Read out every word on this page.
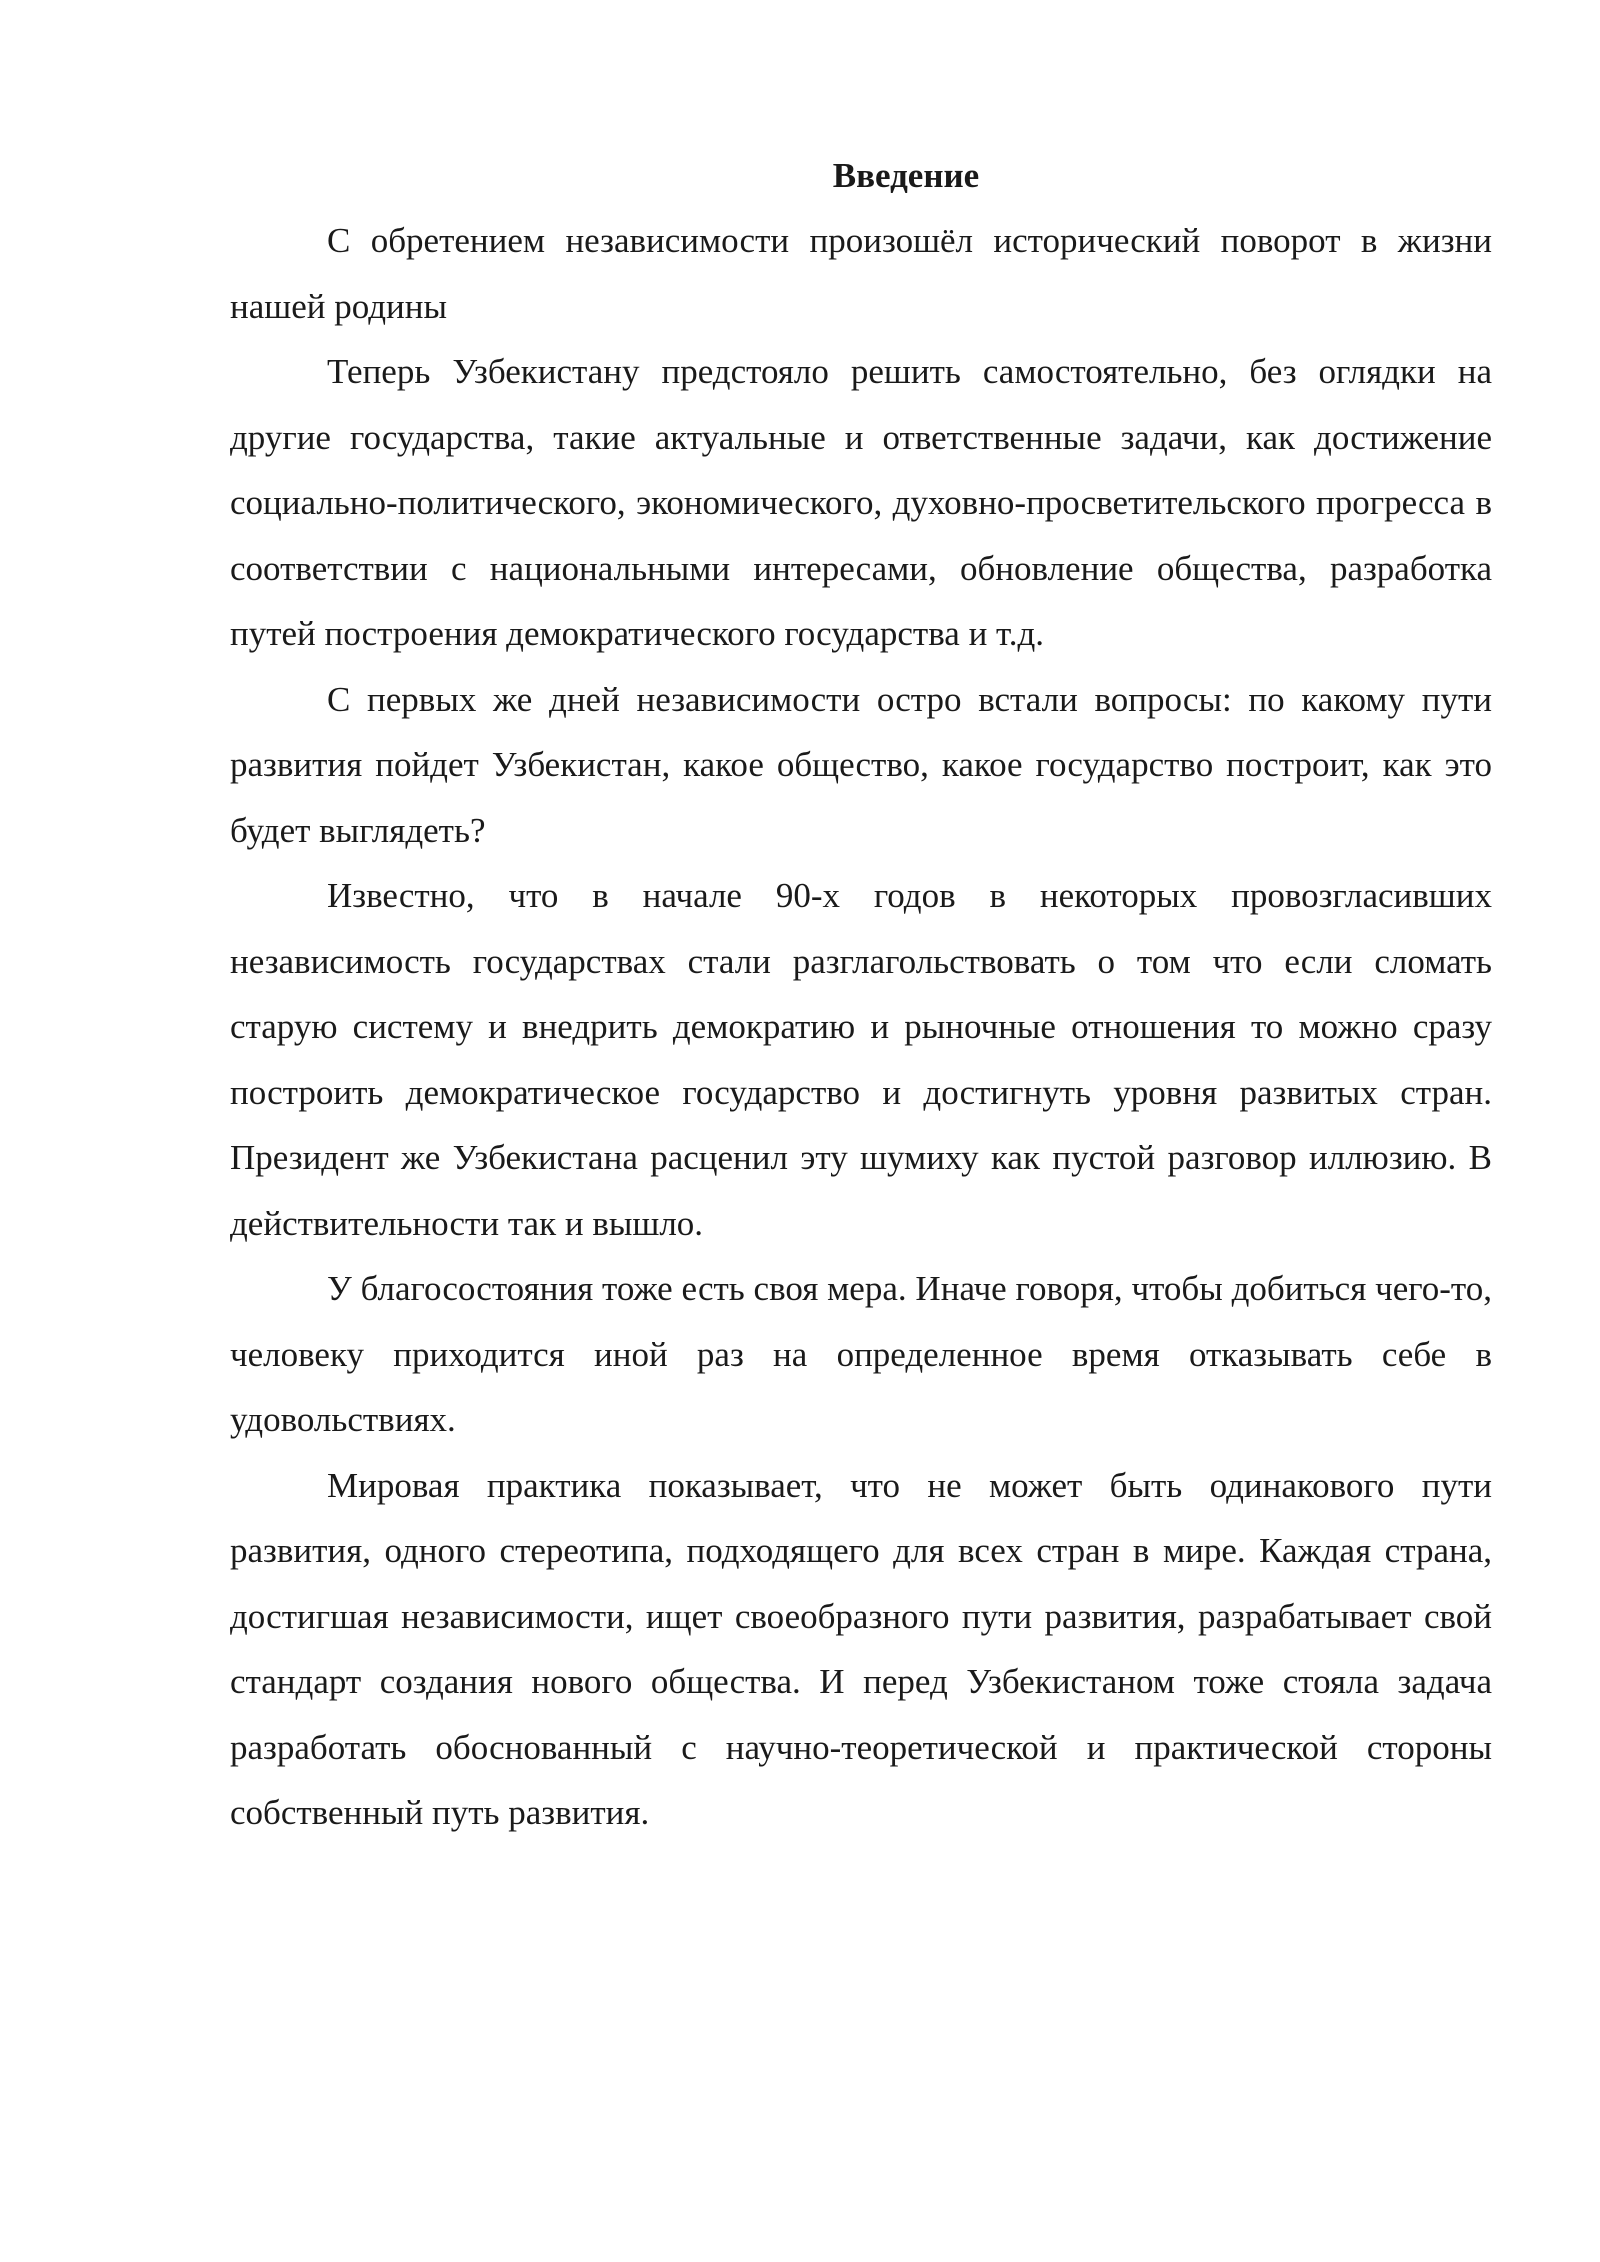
Введение

С обретением независимости произошёл исторический поворот в жизни нашей родины

Теперь Узбекистану предстояло решить самостоятельно, без оглядки на другие государства, такие актуальные и ответственные задачи, как достижение социально-политического, экономического, духовно-просветительского прогресса в соответствии с национальными интересами, обновление общества, разработка путей построения демократического государства и т.д.

С первых же дней независимости остро встали вопросы: по какому пути развития пойдет Узбекистан, какое общество, какое государство построит, как это будет выглядеть?

Известно, что в начале 90-х годов в некоторых провозгласивших независимость государствах стали разглагольствовать о том что если сломать старую систему и внедрить демократию и рыночные отношения то можно сразу построить демократическое государство и достигнуть уровня развитых стран. Президент же Узбекистана расценил эту шумиху как пустой разговор иллюзию. В действительности так и вышло.

У благосостояния тоже есть своя мера. Иначе говоря, чтобы добиться чего-то, человеку приходится иной раз на определенное время отказывать себе в удовольствиях.

Мировая практика показывает, что не может быть одинакового пути развития, одного стереотипа, подходящего для всех стран в мире. Каждая страна, достигшая независимости, ищет своеобразного пути развития, разрабатывает свой стандарт создания нового общества. И перед Узбекистаном тоже стояла задача разработать обоснованный с научно-теоретической и практической стороны собственный путь развития.
